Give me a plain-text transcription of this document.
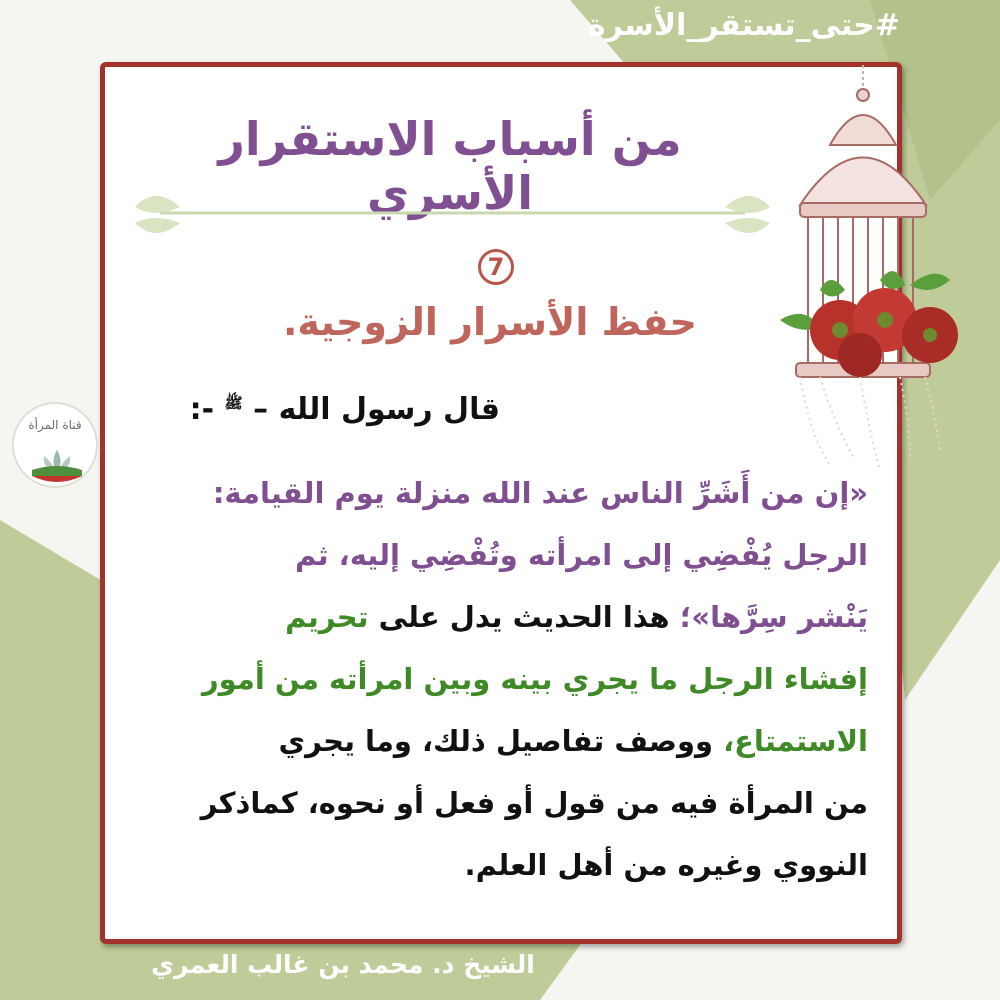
#حتى_تستقر_الأسرة
من أسباب الاستقرار الأسري
7
حفظ الأسرار الزوجية.
قال رسول الله – $^ﷺ$ -:
«إن من أَشَرِّ الناس عند الله منزلة يوم القيامة:
الرجل يُفْضِي إلى امرأته وتُفْضِي إليه، ثم
يَنْشر سِرَّها»؛ هذا الحديث يدل على تحريم
إفشاء الرجل ما يجري بينه وبين امرأته من أمور
الاستمتاع، ووصف تفاصيل ذلك، وما يجري
من المرأة فيه من قول أو فعل أو نحوه، كماذكر
النووي وغيره من أهل العلم.
قناة المرأة
الشيخ د. محمد بن غالب العمري
